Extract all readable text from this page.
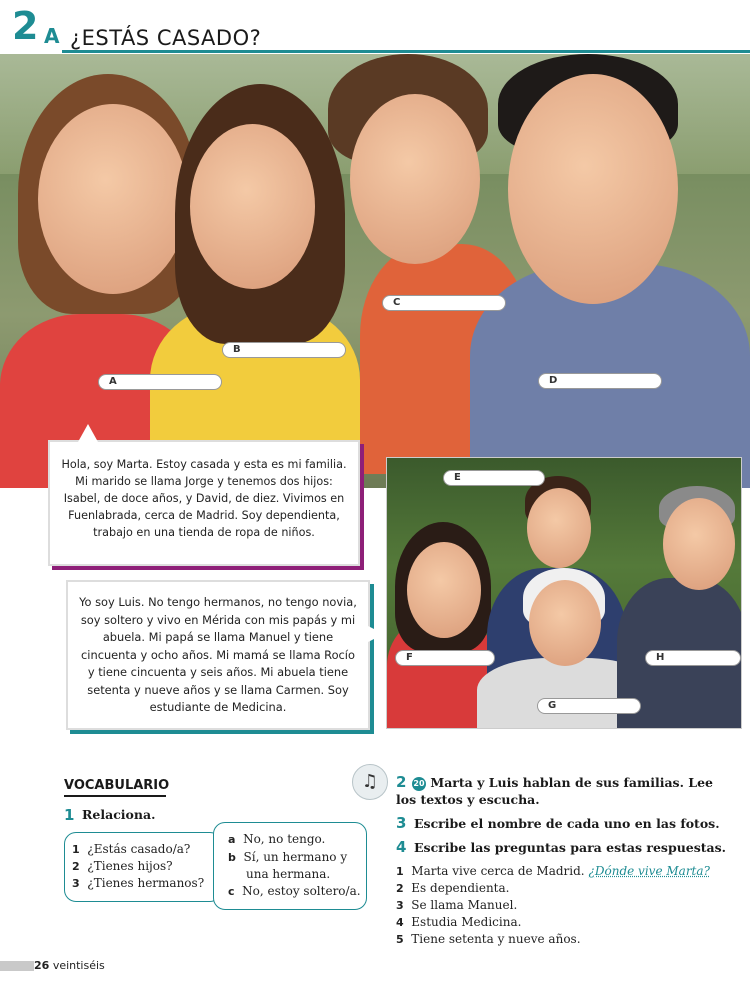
2 A ¿ESTÁS CASADO?
A
B
C
D

Hola, soy Marta. Estoy casada y esta es mi familia. Mi marido se llama Jorge y tenemos dos hijos: Isabel, de doce años, y David, de diez. Vivimos en Fuenlabrada, cerca de Madrid. Soy dependienta, trabajo en una tienda de ropa de niños.

E
F
G
H

Yo soy Luis. No tengo hermanos, no tengo novia, soy soltero y vivo en Mérida con mis papás y mi abuela. Mi papá se llama Manuel y tiene cincuenta y ocho años. Mi mamá se llama Rocío y tiene cincuenta y seis años. Mi abuela tiene setenta y nueve años y se llama Carmen. Soy estudiante de Medicina.

VOCABULARIO
1 Relaciona.
1 ¿Estás casado/a?
2 ¿Tienes hijos?
3 ¿Tienes hermanos?
a No, no tengo.
b Sí, un hermano y
una hermana.
c No, estoy soltero/a.
♫	2 20 Marta y Luis hablan de sus familias. Lee
los textos y escucha.
3 Escribe el nombre de cada uno en las fotos.
4 Escribe las preguntas para estas respuestas.
1 Marta vive cerca de Madrid. ¿Dónde vive Marta?
2 Es dependienta.
3 Se llama Manuel.
4 Estudia Medicina.
5 Tiene setenta y nueve años.
26 veintiséis
